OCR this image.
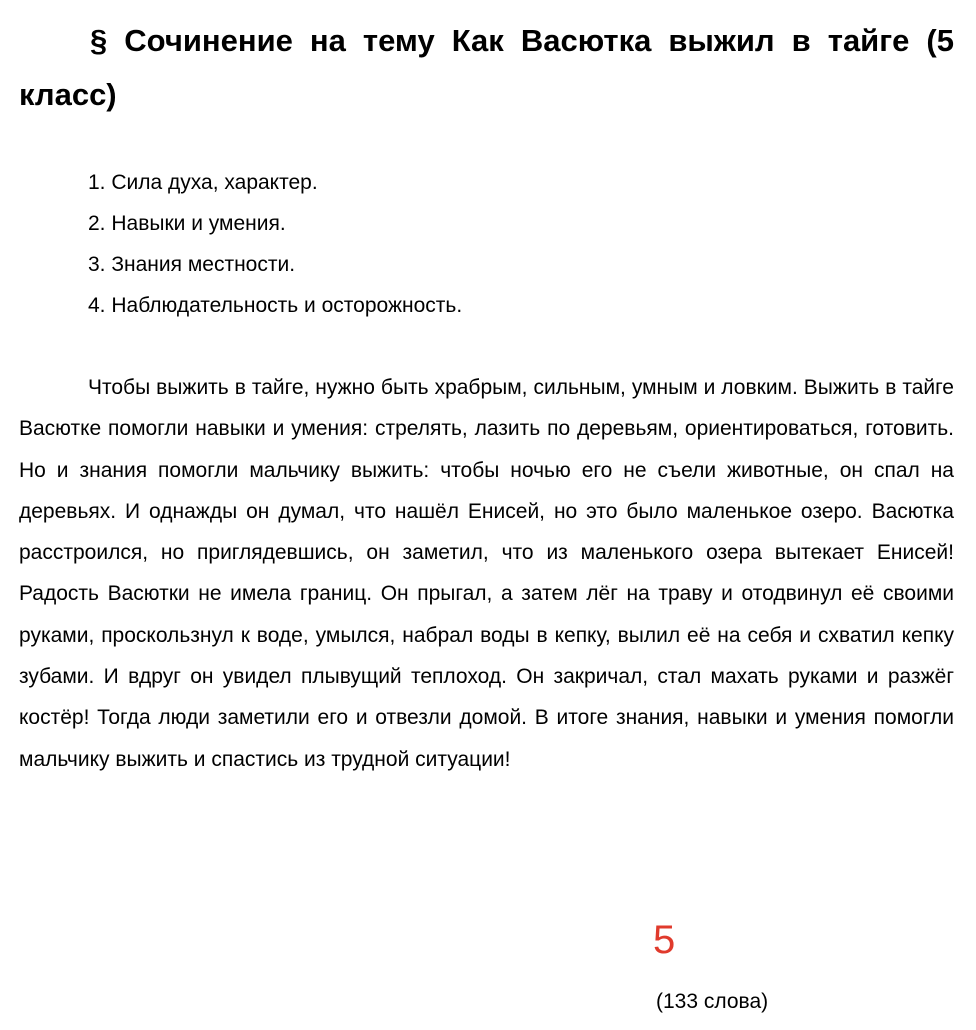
§ Сочинение на тему Как Васютка выжил в тайге (5 класс)
1. Сила духа, характер.
2. Навыки и умения.
3. Знания местности.
4. Наблюдательность и осторожность.

Чтобы выжить в тайге, нужно быть храбрым, сильным, умным и ловким. Выжить в тайге Васютке помогли навыки и умения: стрелять, лазить по деревьям, ориентироваться, готовить. Но и знания помогли мальчику выжить: чтобы ночью его не съели животные, он спал на деревьях. И однажды он думал, что нашёл Енисей, но это было маленькое озеро. Васютка расстроился, но приглядевшись, он заметил, что из маленького озера вытекает Енисей! Радость Васютки не имела границ. Он прыгал, а затем лёг на траву и отодвинул её своими руками, проскользнул к воде, умылся, набрал воды в кепку, вылил её на себя и схватил кепку зубами. И вдруг он увидел плывущий теплоход. Он закричал, стал махать руками и разжёг костёр! Тогда люди заметили его и отвезли домой. В итоге знания, навыки и умения помогли мальчику выжить и спастись из трудной ситуации!

5
(133 слова)
